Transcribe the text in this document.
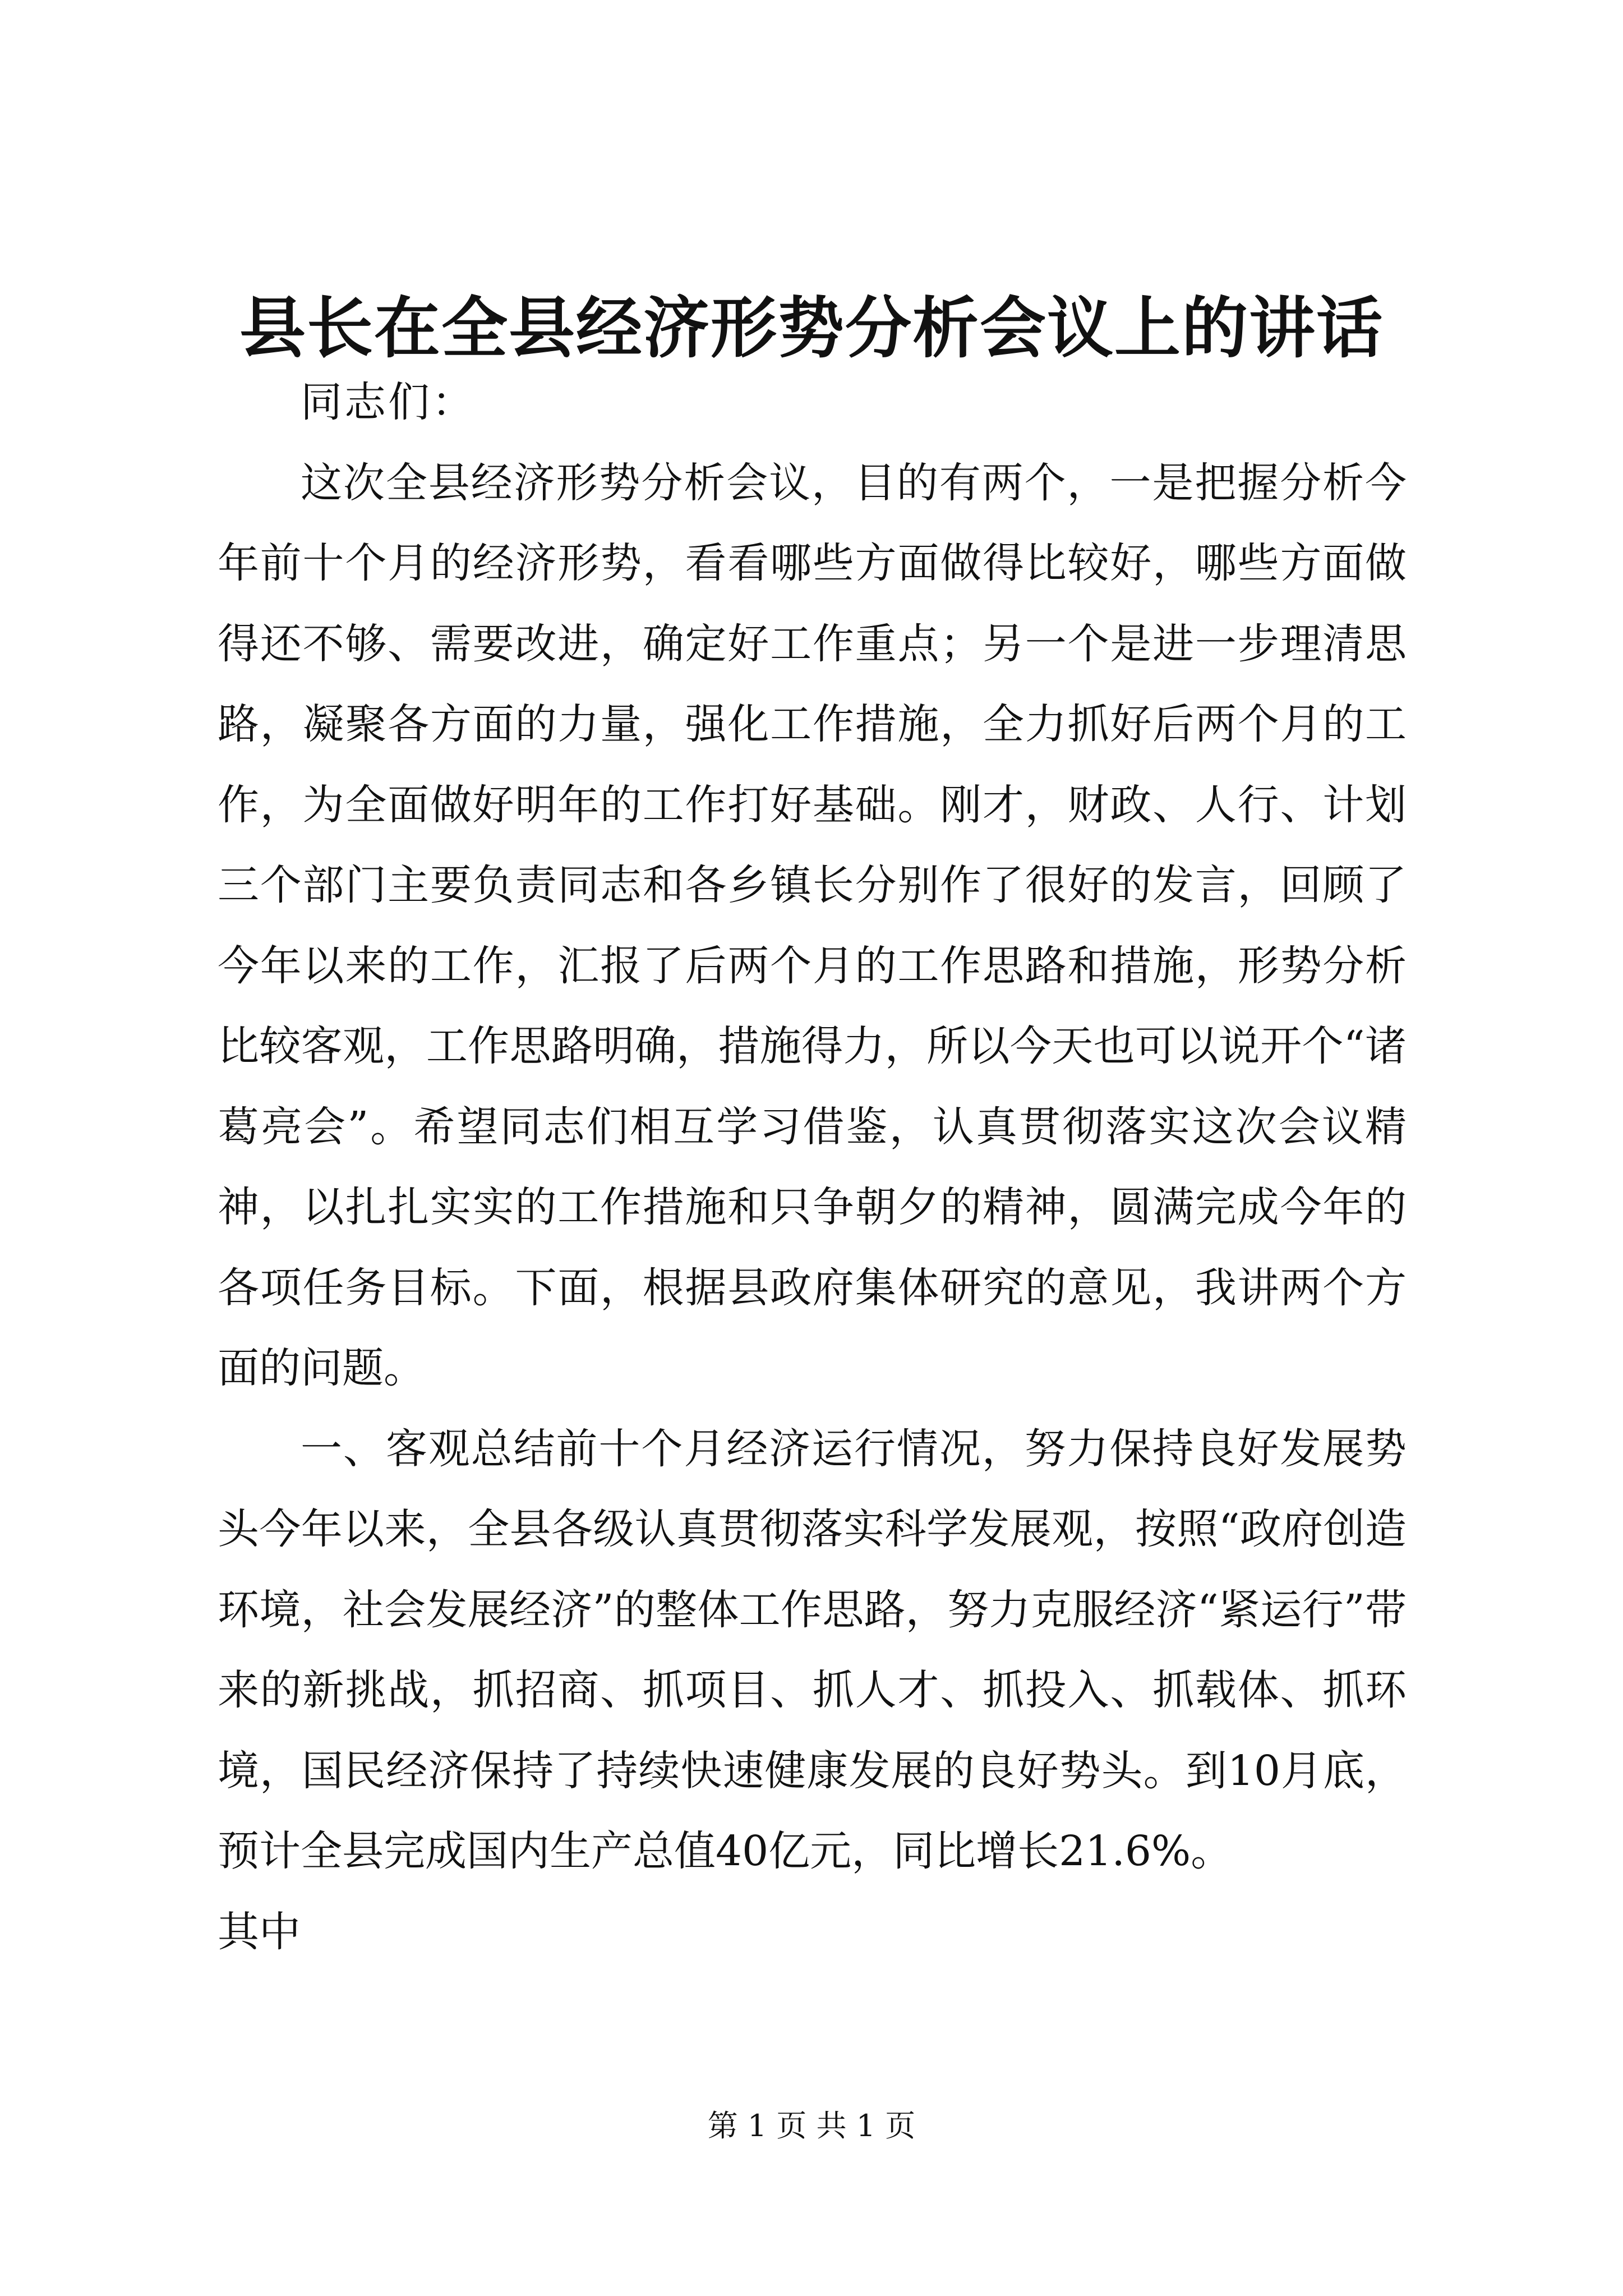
县长在全县经济形势分析会议上的讲话

同志们：

这次全县经济形势分析会议，目的有两个，一是把握分析今年前十个月的经济形势，看看哪些方面做得比较好，哪些方面做得还不够、需要改进，确定好工作重点；另一个是进一步理清思路，凝聚各方面的力量，强化工作措施，全力抓好后两个月的工作，为全面做好明年的工作打好基础。刚才，财政、人行、计划三个部门主要负责同志和各乡镇长分别作了很好的发言，回顾了今年以来的工作，汇报了后两个月的工作思路和措施，形势分析比较客观，工作思路明确，措施得力，所以今天也可以说开个“诸葛亮会”。希望同志们相互学习借鉴，认真贯彻落实这次会议精神，以扎扎实实的工作措施和只争朝夕的精神，圆满完成今年的各项任务目标。下面，根据县政府集体研究的意见，我讲两个方面的问题。

一、客观总结前十个月经济运行情况，努力保持良好发展势头今年以来，全县各级认真贯彻落实科学发展观，按照“政府创造环境，社会发展经济”的整体工作思路，努力克服经济“紧运行”带来的新挑战，抓招商、抓项目、抓人才、抓投入、抓载体、抓环境，国民经济保持了持续快速健康发展的良好势头。到10月底，预计全县完成国内生产总值40亿元，同比增长21.6%。

其中

第 1 页 共 1 页
